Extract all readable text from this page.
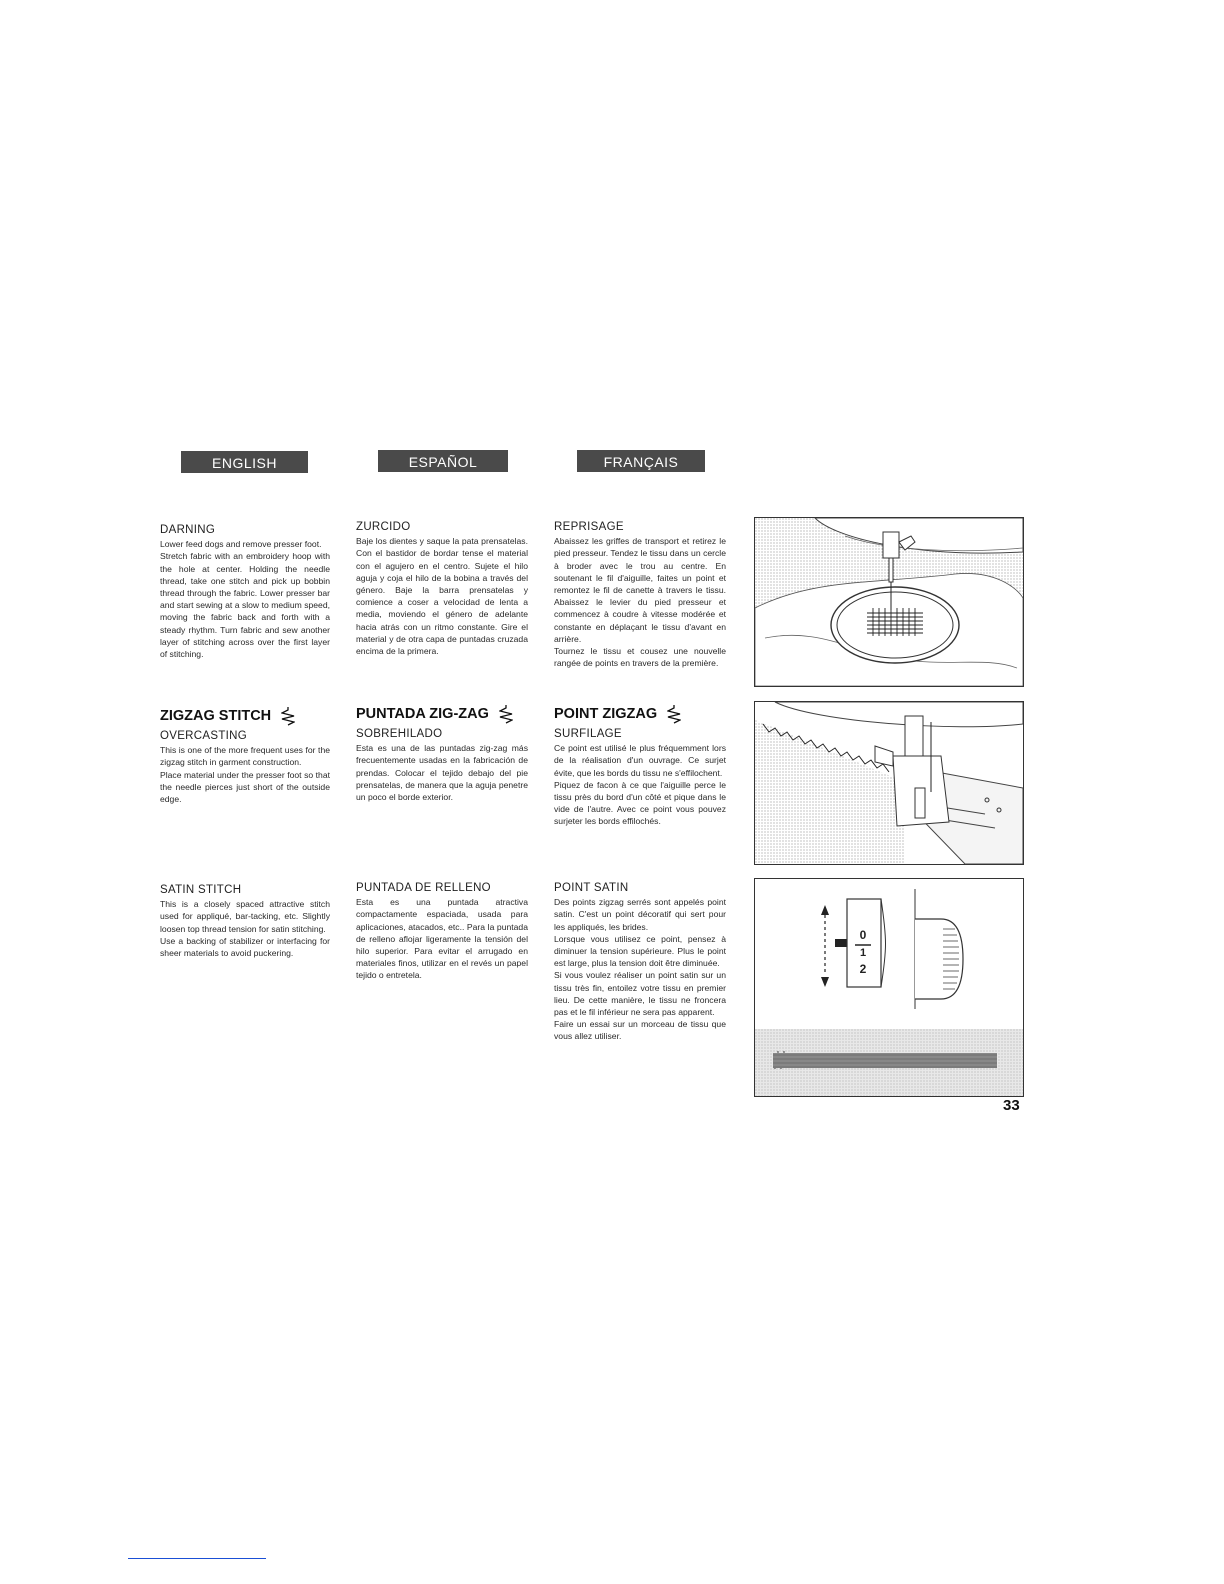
ENGLISH	ESPAÑOL	FRANÇAIS
DARNING

Lower feed dogs and remove presser foot.

Stretch fabric with an embroidery hoop with the hole at center. Holding the needle thread, take one stitch and pick up bobbin thread through the fabric. Lower presser bar and start sewing at a slow to medium speed, moving the fabric back and forth with a steady rhythm. Turn fabric and sew another layer of stitching across over the first layer of stitching.

ZIGZAG STITCH
OVERCASTING

This is one of the more frequent uses for the zigzag stitch in garment construction.

Place material under the presser foot so that the needle pierces just short of the outside edge.

SATIN STITCH

This is a closely spaced attractive stitch used for appliqué, bar-tacking, etc. Slightly loosen top thread tension for satin stitching.

Use a backing of stabilizer or interfacing for sheer materials to avoid puckering.

ZURCIDO

Baje los dientes y saque la pata prensatelas. Con el bastidor de bordar tense el material con el agujero en el centro. Sujete el hilo aguja y coja el hilo de la bobina a través del género. Baje la barra prensatelas y comience a coser a velocidad de lenta a media, moviendo el género de adelante hacia atrás con un ritmo constante. Gire el material y de otra capa de puntadas cruzada encima de la primera.

PUNTADA ZIG-ZAG
SOBREHILADO

Esta es una de las puntadas zig-zag más frecuentemente usadas en la fabricación de prendas. Colocar el tejido debajo del pie prensatelas, de manera que la aguja penetre un poco el borde exterior.

PUNTADA DE RELLENO

Esta es una puntada atractiva compactamente espaciada, usada para aplicaciones, atacados, etc.. Para la puntada de relleno aflojar ligeramente la tensión del hilo superior. Para evitar el arrugado en materiales finos, utilizar en el revés un papel tejido o entretela.

REPRISAGE

Abaissez les griffes de transport et retirez le pied presseur. Tendez le tissu dans un cercle à broder avec le trou au centre. En soutenant le fil d'aiguille, faites un point et remontez le fil de canette à travers le tissu. Abaissez le levier du pied presseur et commencez à coudre à vitesse modérée et constante en déplaçant le tissu d'avant en arrière.

Tournez le tissu et cousez une nouvelle rangée de points en travers de la première.

POINT ZIGZAG
SURFILAGE

Ce point est utilisé le plus fréquemment lors de la réalisation d'un ouvrage. Ce surjet évite, que les bords du tissu ne s'effilochent.

Piquez de facon à ce que l'aiguille perce le tissu près du bord d'un côté et pique dans le vide de l'autre. Avec ce point vous pouvez surjeter les bords effilochés.

POINT SATIN

Des points zigzag serrés sont appelés point satin. C'est un point décoratif qui sert pour les appliqués, les brides.

Lorsque vous utilisez ce point, pensez à diminuer la tension supérieure. Plus le point est large, plus la tension doit être diminuée.

Si vous voulez réaliser un point satin sur un tissu très fin, entoilez votre tissu en premier lieu. De cette manière, le tissu ne froncera pas et le fil inférieur ne sera pas apparent.

Faire un essai sur un morceau de tissu que vous allez utiliser.

0
1
2
33
